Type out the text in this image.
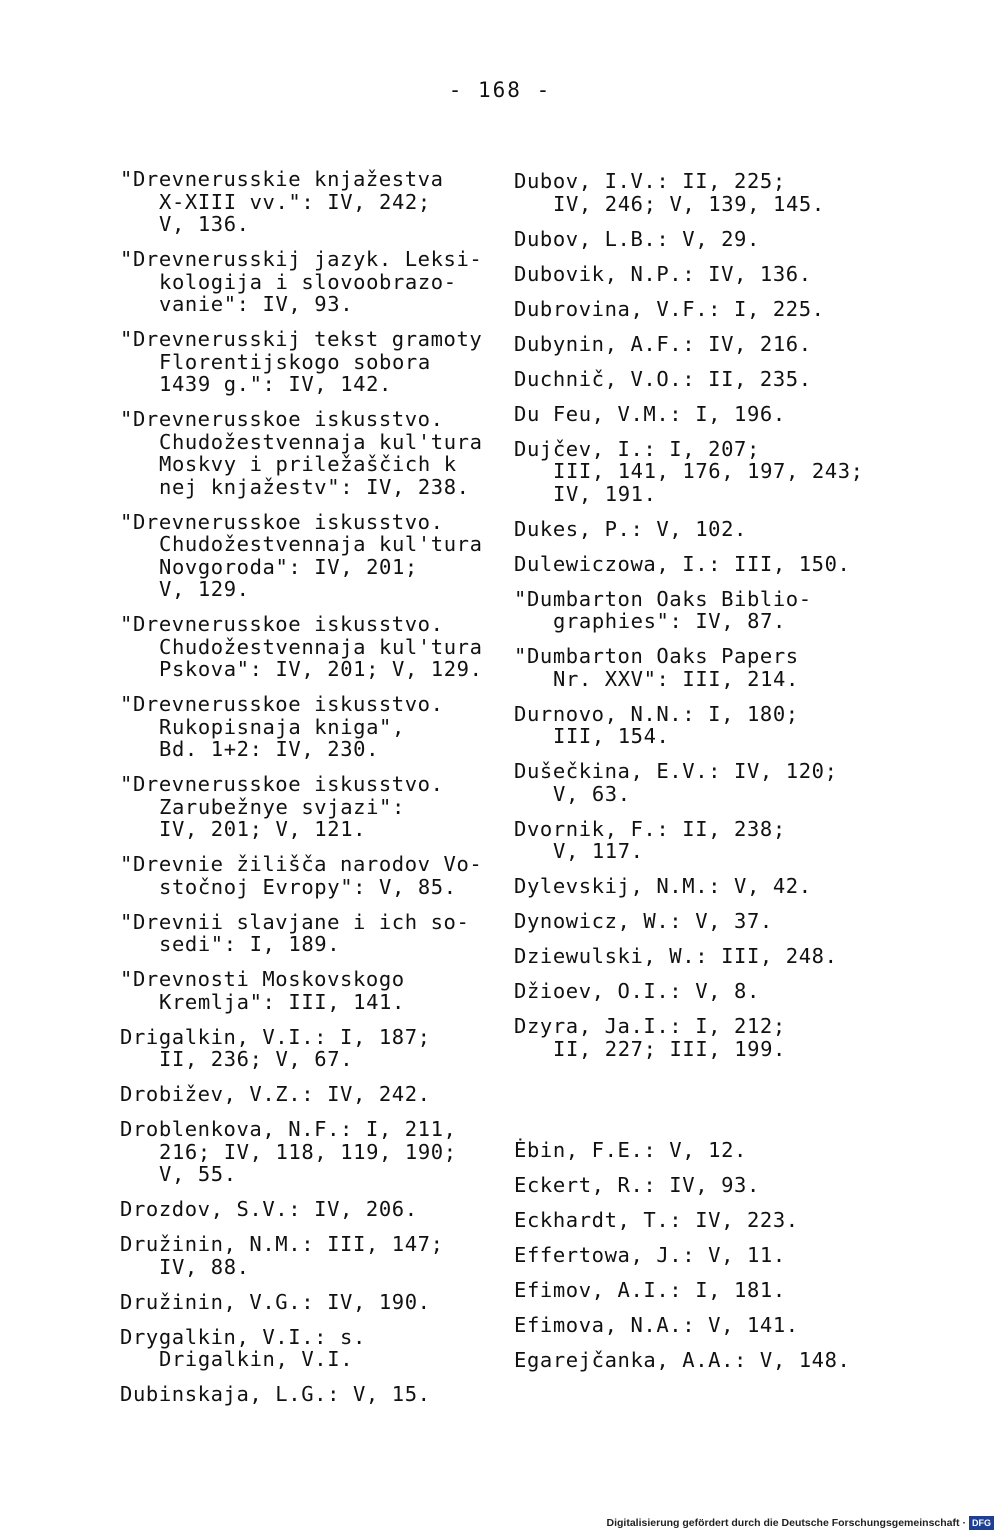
- 168 -
"Drevnerusskie knjažestva
X-XIII vv.": IV, 242;
V, 136.
"Drevnerusskij jazyk. Leksi-
kologija i slovoobrazo-
vanie": IV, 93.
"Drevnerusskij tekst gramoty
Florentijskogo sobora
1439 g.": IV, 142.
"Drevnerusskoe iskusstvo.
Chudožestvennaja kul'tura
Moskvy i priležaščich k
nej knjažestv": IV, 238.
"Drevnerusskoe iskusstvo.
Chudožestvennaja kul'tura
Novgoroda": IV, 201;
V, 129.
"Drevnerusskoe iskusstvo.
Chudožestvennaja kul'tura
Pskova": IV, 201; V, 129.
"Drevnerusskoe iskusstvo.
Rukopisnaja kniga",
Bd. 1+2: IV, 230.
"Drevnerusskoe iskusstvo.
Zarubežnye svjazi":
IV, 201; V, 121.
"Drevnie žilišča narodov Vo-
stočnoj Evropy": V, 85.
"Drevnii slavjane i ich so-
sedi": I, 189.
"Drevnosti Moskovskogo
Kremlja": III, 141.
Drigalkin, V.I.: I, 187;
II, 236; V, 67.
Drobižev, V.Z.: IV, 242.
Droblenkova, N.F.: I, 211,
216; IV, 118, 119, 190;
V, 55.
Drozdov, S.V.: IV, 206.
Družinin, N.M.: III, 147;
IV, 88.
Družinin, V.G.: IV, 190.
Drygalkin, V.I.: s.
Drigalkin, V.I.
Dubinskaja, L.G.: V, 15.
Dubov, I.V.: II, 225;
IV, 246; V, 139, 145.
Dubov, L.B.: V, 29.
Dubovik, N.P.: IV, 136.
Dubrovina, V.F.: I, 225.
Dubynin, A.F.: IV, 216.
Duchnič, V.O.: II, 235.
Du Feu, V.M.: I, 196.
Dujčev, I.: I, 207;
III, 141, 176, 197, 243;
IV, 191.
Dukes, P.: V, 102.
Dulewiczowa, I.: III, 150.
"Dumbarton Oaks Biblio-
graphies": IV, 87.
"Dumbarton Oaks Papers
Nr. XXV": III, 214.
Durnovo, N.N.: I, 180;
III, 154.
Dušečkina, E.V.: IV, 120;
V, 63.
Dvornik, F.: II, 238;
V, 117.
Dylevskij, N.M.: V, 42.
Dynowicz, W.: V, 37.
Dziewulski, W.: III, 248.
Džioev, O.I.: V, 8.
Dzyra, Ja.I.: I, 212;
II, 227; III, 199.
Ėbin, F.E.: V, 12.
Eckert, R.: IV, 93.
Eckhardt, T.: IV, 223.
Effertowa, J.: V, 11.
Efimov, A.I.: I, 181.
Efimova, N.A.: V, 141.
Egarejčanka, A.A.: V, 148.
Digitalisierung gefördert durch die Deutsche Forschungsgemeinschaft · DFG
